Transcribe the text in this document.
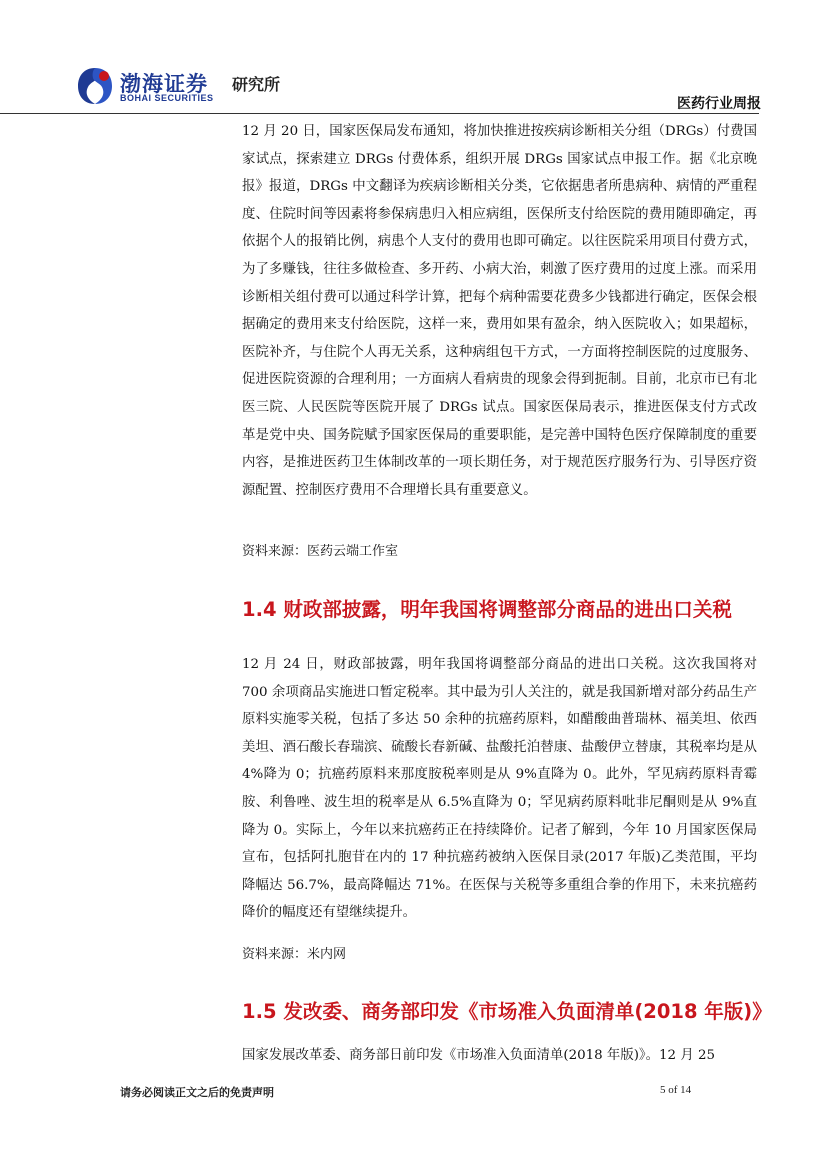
渤海证券
BOHAI SECURITIES
研究所
医药行业周报
12 月 20 日，国家医保局发布通知，将加快推进按疾病诊断相关分组（DRGs）付费国家试点，探索建立 DRGs 付费体系，组织开展 DRGs 国家试点申报工作。据《北京晚报》报道，DRGs 中文翻译为疾病诊断相关分类，它依据患者所患病种、病情的严重程度、住院时间等因素将参保病患归入相应病组，医保所支付给医院的费用随即确定，再依据个人的报销比例，病患个人支付的费用也即可确定。以往医院采用项目付费方式，为了多赚钱，往往多做检查、多开药、小病大治，刺激了医疗费用的过度上涨。而采用诊断相关组付费可以通过科学计算，把每个病种需要花费多少钱都进行确定，医保会根据确定的费用来支付给医院，这样一来，费用如果有盈余，纳入医院收入；如果超标，医院补齐，与住院个人再无关系，这种病组包干方式，一方面将控制医院的过度服务、促进医院资源的合理利用；一方面病人看病贵的现象会得到扼制。目前，北京市已有北医三院、人民医院等医院开展了 DRGs 试点。国家医保局表示，推进医保支付方式改革是党中央、国务院赋予国家医保局的重要职能，是完善中国特色医疗保障制度的重要内容，是推进医药卫生体制改革的一项长期任务，对于规范医疗服务行为、引导医疗资源配置、控制医疗费用不合理增长具有重要意义。
资料来源：医药云端工作室
1.4 财政部披露，明年我国将调整部分商品的进出口关税
12 月 24 日，财政部披露，明年我国将调整部分商品的进出口关税。这次我国将对 700 余项商品实施进口暂定税率。其中最为引人关注的，就是我国新增对部分药品生产原料实施零关税，包括了多达 50 余种的抗癌药原料，如醋酸曲普瑞林、福美坦、依西美坦、酒石酸长春瑞滨、硫酸长春新碱、盐酸托泊替康、盐酸伊立替康，其税率均是从 4%降为 0；抗癌药原料来那度胺税率则是从 9%直降为 0。此外，罕见病药原料青霉胺、利鲁唑、波生坦的税率是从 6.5%直降为 0；罕见病药原料吡非尼酮则是从 9%直降为 0。实际上，今年以来抗癌药正在持续降价。记者了解到，今年 10 月国家医保局宣布，包括阿扎胞苷在内的 17 种抗癌药被纳入医保目录(2017 年版)乙类范围，平均降幅达 56.7%，最高降幅达 71%。在医保与关税等多重组合拳的作用下，未来抗癌药降价的幅度还有望继续提升。
资料来源：米内网
1.5 发改委、商务部印发《市场准入负面清单(2018 年版)》
国家发展改革委、商务部日前印发《市场准入负面清单(2018 年版)》。12 月 25
请务必阅读正文之后的免责声明	5 of 14
